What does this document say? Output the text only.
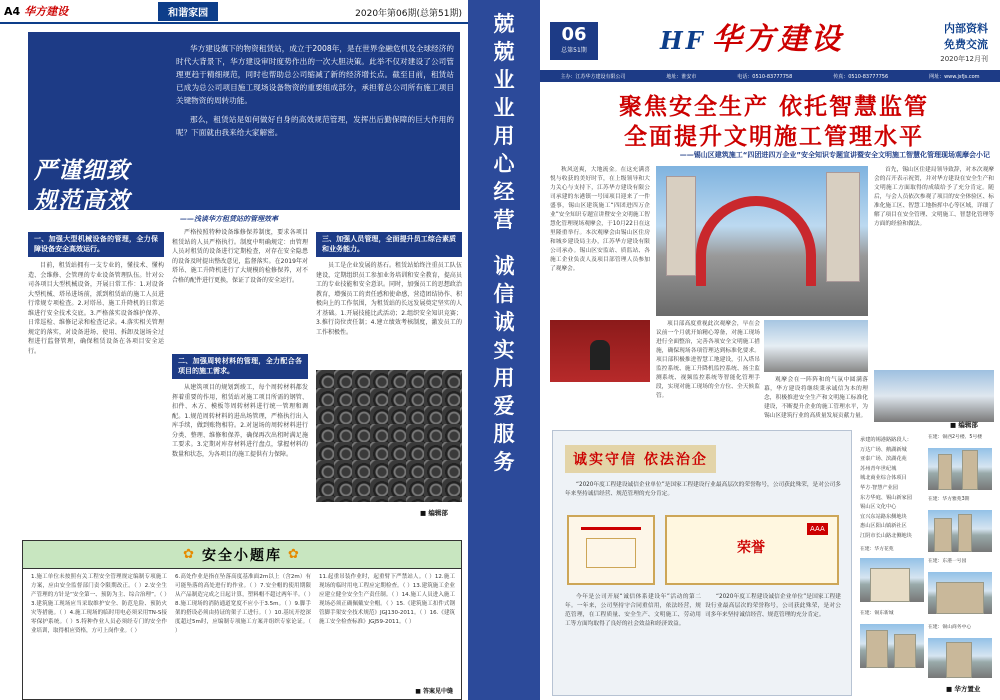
A4 华方建设	和谐家园	2020年第06期(总第51期)

华方建设旗下的物资租赁站，成立于2008年，是在世界金融危机及全球经济的时代大背景下，华方建设审时度势作出的一次大胆决策。此举不仅对建设了公司管理更趋于精细规范，同时也帮助总公司缩减了新的经济增长点。截至目前，租赁站已成为总公司项目施工现场设备物资的重要组成部分，承担着总公司所有施工项目关键物资的周转功能。

那么，租赁站是如何做好自身的高效规范管理，发挥出后勤保障的巨大作用的呢？下面就由我来给大家解密。

严谨细致
规范高效
——浅谈华方租赁站的管理效率
一、加强大型机械设备的管理，全力保障设备安全高效运行。

目前，租赁站拥有一支专业的，懂技术、懂构造、会维修、会管理的专业设备管理队伍。针对公司各项目大型机械设备，开展日常工作：1.对设备大型机械、塔吊进场前，派到租赁站的施工人员进行常规专项检查。2.对塔吊、施工升降机的日常运维进行安全技术交底。3.严格落实设备维护保养、日常巡检、维修记录和检查记录。4.落实相关管理规定的落实，对设备进场、使用、拆卸及退场全过程进行监督管理，确保租赁设备在各项目安全运行。

严格按照特种设备维修保养制度，要求各项目租赁站的人员严格执行。制度中明确规定：由管理人员对租赁的设备进行定期检查，对存在安全隐患的设备及时提出整改意见，监督落实。在2019年对塔吊、施工升降机进行了大规模的检修保养，对不合格的配件进行更换，保证了设备的安全运行。

二、加强周转材料的管理，全力配合各项目的施工需求。

从建筑项目的规划到竣工，每个周转材料都发挥着重要的作用，租赁站对施工项目所需的钢管、扣件、木方、模板等周转材料进行统一管理和调配。1.规范周转材料的进出场管理，严格执行出入库手续，做到账物相符。2.对退场的周转材料进行分类、整理、维修和保养，确保再次出租时满足施工要求。3.定期对库存材料进行盘点，掌握材料的数量和状态，为各项目的施工提供有力保障。

三、加强人员管理，全面提升员工综合素质和业务能力。

员工是企业发展的基石。租赁站始终注重员工队伍建设，定期组织员工参加业务培训和安全教育，提高员工的专业技能和安全意识。同时，加强员工的思想政治教育，增强员工的责任感和使命感，营造团结协作、积极向上的工作氛围，为租赁站的长远发展奠定坚实的人才基础。1.开展技能比武活动；2.组织安全知识竞赛；3.推行岗位责任制；4.建立绩效考核制度，激发员工的工作积极性。

■ 编辑部
✿ 安全小题库 ✿
1.施工单位未按照有关工程安全管理规定编制专项施工方案，应由安全监督部门责令限期改正。（ ）2.安全生产管理的方针是“安全第一、预防为主、综合治理”。（ ）3.建筑施工现场应当采取维护安全、防范危险、预防火灾等措施。（ ）4.施工现场的临时用电必须采用TN-S接零保护系统。（ ）5.特种作业人员必须经专门的安全作业培训，取得相应资格，方可上岗作业。（ ）
6.高处作业是指在坠落高度基准面2m以上（含2m）有可能坠落的高处进行的作业。（ ）7.安全帽的使用期限从产品制造完成之日起计算，塑料帽不超过两年半。（ ）8.施工现场的消防通道宽度不应小于3.5m。（ ）9.脚手架的搭设必须由持证的架子工进行。（ ）10.基坑开挖深度超过5m时，应编制专项施工方案并组织专家论证。（ ）
11.起重吊装作业时，起重臂下严禁站人。（ ）12.施工现场的临时用电工程应定期检查。（ ）13.建筑施工企业应建立健全安全生产责任制。（ ）14.施工人员进入施工现场必须正确佩戴安全帽。（ ）15.《建筑施工扣件式钢管脚手架安全技术规范》JGJ130-2011。（ ）16.《建筑施工安全检查标准》JGJ59-2011。（ ）
■ 答案见中缝
兢
兢
业
业
用
心
经
营
诚
信
诚
实
用
爱
服
务
06
总第51期	HF 华方建设	内部资料
免费交流
2020年12月刊
主办：江苏华方建设有限公司	地址：淮安市	电话：0510-83777758	传真：0510-83777756	网址：www.jsfjs.com
聚焦安全生产 依托智慧监管
全面提升文明施工管理水平
——锡山区建筑施工“四团进四万企业”安全知识专题宣讲暨安全文明施工智慧化管理现场观摩会小记

秋风送爽，大地流金。在这充满喜悦与收获的美好时节，在上级领导和大力关心与支持下，江苏华方建设有限公司承建的东港镇一号园项目迎来了一件盛事，锡山区建筑施工“四团进四万企业”安全知识专题宣讲暨安全文明施工智慧化管理现场观摩会，于10月22日在这里隆重举行。本次观摩会由锡山区住房和城乡建设局主办，江苏华方建设有限公司承办。锡山区安监站、质监站、各施工企业负责人及项目部管理人员参加了观摩会。

首先，锡山区住建局领导致辞，对本次观摩会的召开表示祝贺，并对华方建设在安全生产和文明施工方面取得的成绩给予了充分肯定。随后，与会人员依次参观了项目的安全体验区、标准化施工区、智慧工地指挥中心等区域，详细了解了项目在安全管理、文明施工、智慧化管理等方面的经验和做法。

项目部高度重视此次观摩会，早在会议前一个月就开始精心筹备，对施工现场进行全面整治，完善各项安全文明施工措施，确保现场各项管理达到标准化要求。项目部积极推进智慧工地建设，引入塔吊监控系统、施工升降机监控系统、扬尘监测系统、视频监控系统等智能化管理手段，实现对施工现场的全方位、全天候监管。

观摩会在一阵阵和的气氛中圆满落幕，华方建设将继续秉承诚信为本的理念，积极推进安全生产和文明施工标准化建设，不断提升企业的施工管理水平，为锡山区建筑行业的高质量发展贡献力量。

■ 编辑部
诚实守信 依法治企

“2020年度工程建设诚信企业单位”是国家工程建设行业最高层次的荣誉称号，公司获此殊荣，是对公司多年来坚持诚信经营、规范管理的充分肯定。

荣誉
AAA

今年是公司开展“诚信体系建设年”活动的第二年。一年来，公司坚持守合同重信用，依法经营，规范管理，在工程质量、安全生产、文明施工、劳动用工等方面均取得了良好的社会效益和经济效益。

“2020年度工程建设诚信企业单位”是国家工程建设行业最高层次的荣誉称号，公司获此殊荣，是对公司多年来坚持诚信经营、规范管理的充分肯定。

承建的锡港路路段人：
万达广场、鹅湖新城
亚泰广场、滨湖花苑
苏州青年世纪城
城北商业综合体项目
华方·智慧产业园
东方华庭、锡山新家园
锡山区文化中心
宜兴东站路东侧地块
惠山区阳山镇新社区
江阴市长山路北侧地块
在建：锡西2号楼、5号楼
在建：华方雅苑3期
在建：华方花苑
在建：东港一号园
在建：锡东新城
在建：锡山商务中心
■ 华方置业
